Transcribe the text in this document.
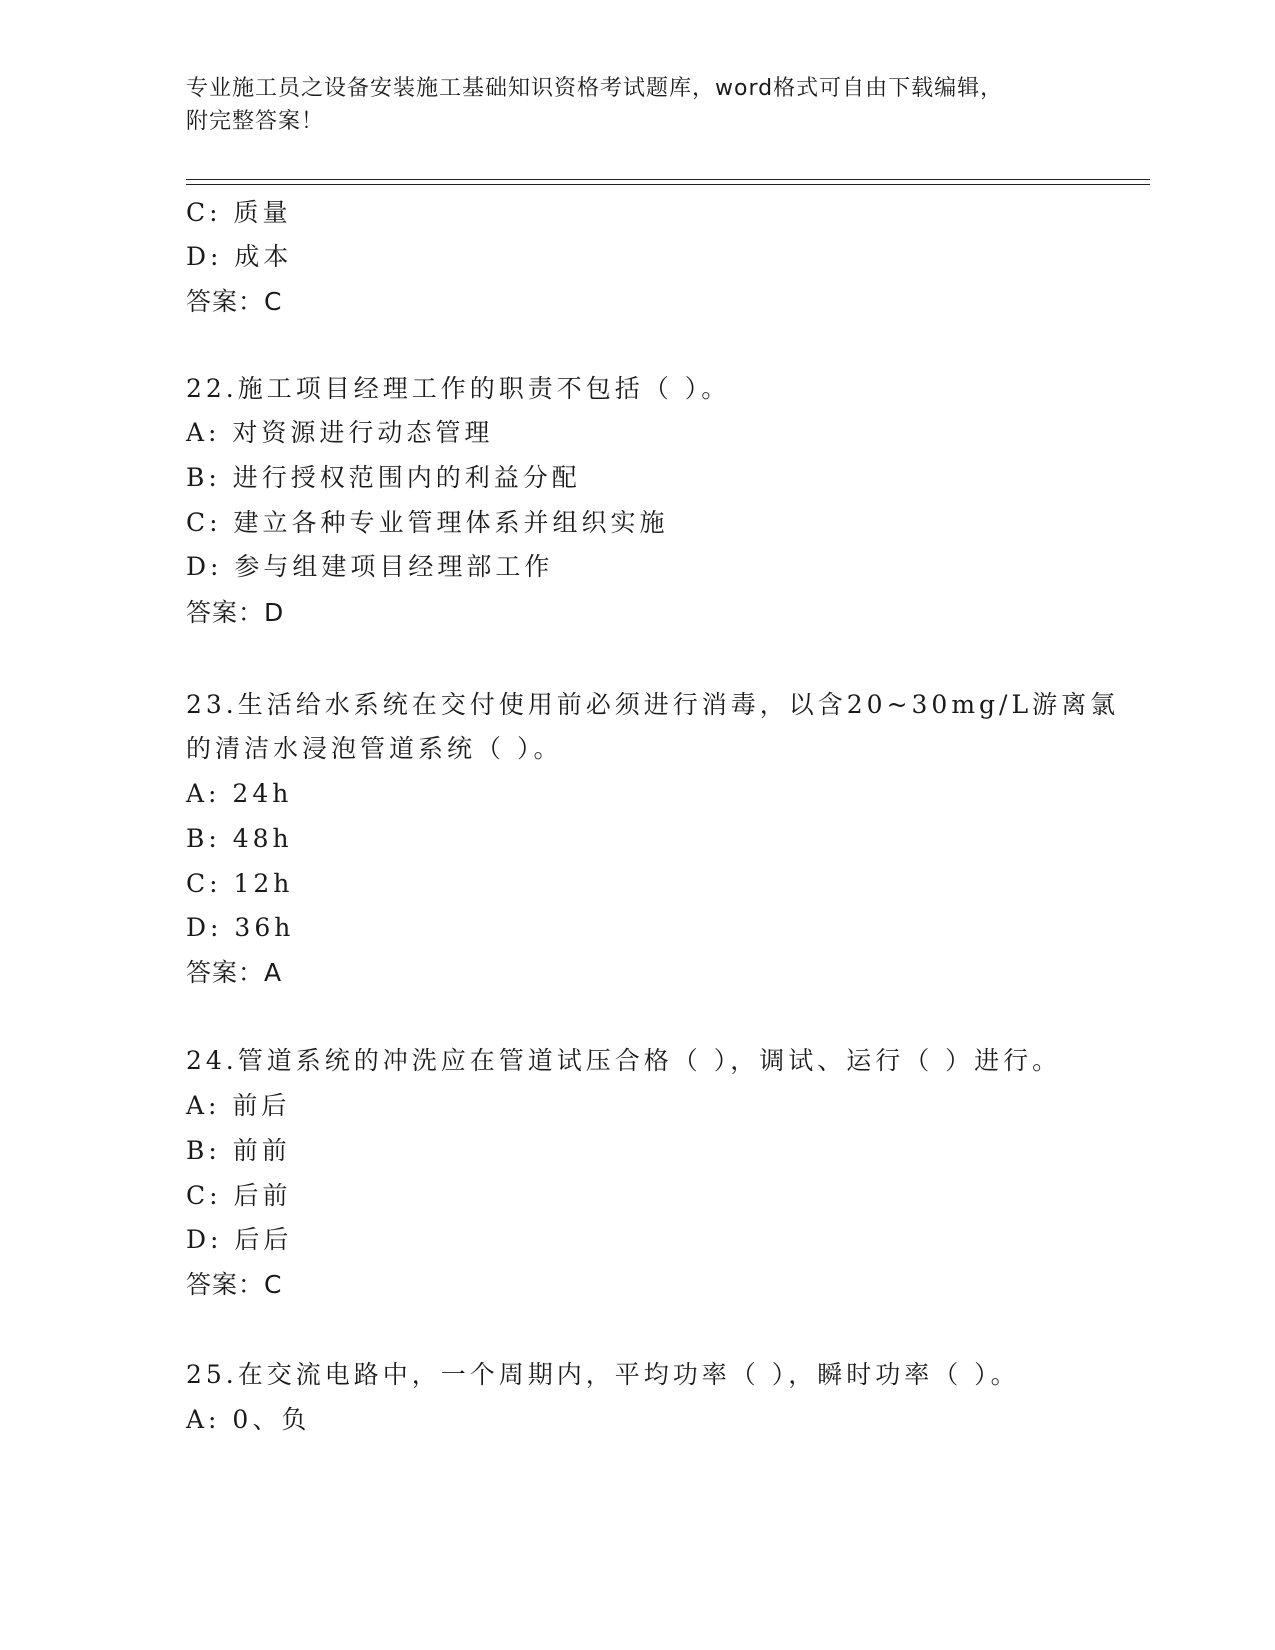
专业施工员之设备安装施工基础知识资格考试题库，word格式可自由下载编辑，
附完整答案！
C: 质量
D: 成本
答案：C
22.施工项目经理工作的职责不包括（ ）。
A: 对资源进行动态管理
B: 进行授权范围内的利益分配
C: 建立各种专业管理体系并组织实施
D: 参与组建项目经理部工作
答案：D
23.生活给水系统在交付使用前必须进行消毒，以含20~30mg/L游离氯
的清洁水浸泡管道系统（ ）。
A: 24h
B: 48h
C: 12h
D: 36h
答案：A
24.管道系统的冲洗应在管道试压合格（ ），调试、运行（ ）进行。
A: 前后
B: 前前
C: 后前
D: 后后
答案：C
25.在交流电路中，一个周期内，平均功率（ ），瞬时功率（ ）。
A: 0、负
